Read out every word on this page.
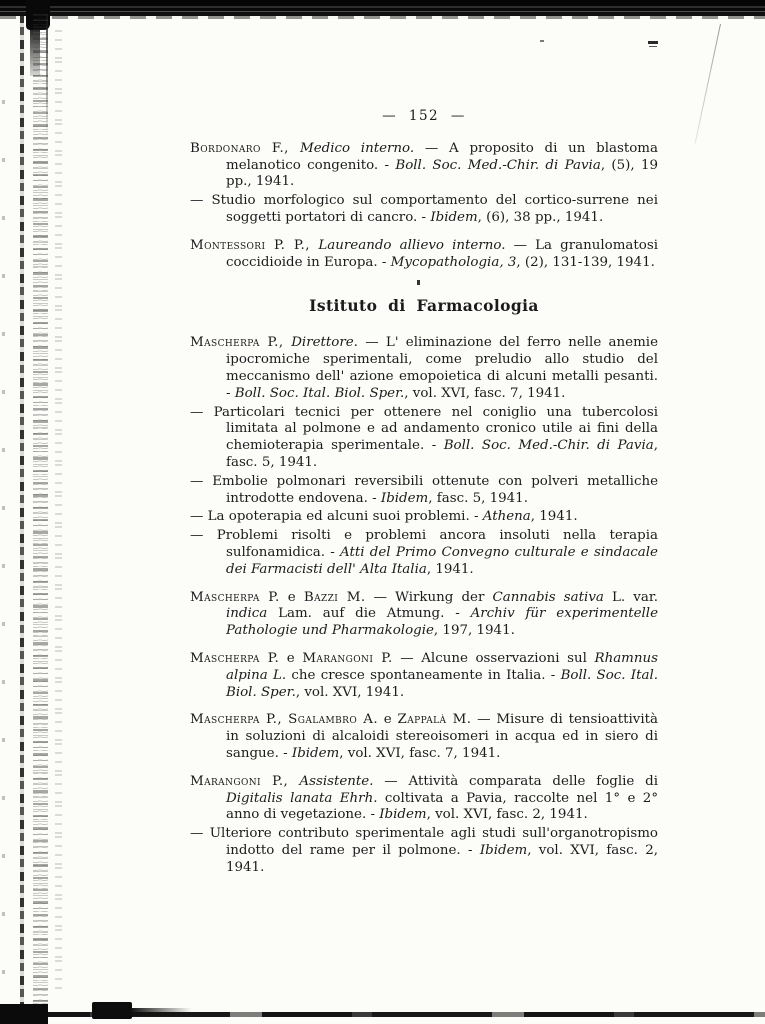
— 152 —

Bordonaro F., Medico interno. — A proposito di un blastoma melanotico congenito. - Boll. Soc. Med.-Chir. di Pavia, (5), 19 pp., 1941.

— Studio morfologico sul comportamento del cortico-surrene nei soggetti portatori di cancro. - Ibidem, (6), 38 pp., 1941.

Montessori P. P., Laureando allievo interno. — La granulomatosi coccidioide in Europa. - Mycopathologia, 3, (2), 131-139, 1941.

Istituto di Farmacologia

Mascherpa P., Direttore. — L' eliminazione del ferro nelle anemie ipocromiche sperimentali, come preludio allo studio del meccanismo dell' azione emopoietica di alcuni metalli pesanti. - Boll. Soc. Ital. Biol. Sper., vol. XVI, fasc. 7, 1941.

— Particolari tecnici per ottenere nel coniglio una tubercolosi limitata al polmone e ad andamento cronico utile ai fini della chemioterapia sperimentale. - Boll. Soc. Med.-Chir. di Pavia, fasc. 5, 1941.

— Embolie polmonari reversibili ottenute con polveri metalliche introdotte endovena. - Ibidem, fasc. 5, 1941.

— La opoterapia ed alcuni suoi problemi. - Athena, 1941.

— Problemi risolti e problemi ancora insoluti nella terapia sulfonamidica. - Atti del Primo Convegno culturale e sindacale dei Farmacisti dell' Alta Italia, 1941.

Mascherpa P. e Bazzi M. — Wirkung der Cannabis sativa L. var. indica Lam. auf die Atmung. - Archiv für experimentelle Pathologie und Pharmakologie, 197, 1941.

Mascherpa P. e Marangoni P. — Alcune osservazioni sul Rhamnus alpina L. che cresce spontaneamente in Italia. - Boll. Soc. Ital. Biol. Sper., vol. XVI, 1941.

Mascherpa P., Sgalambro A. e Zappalà M. — Misure di tensioattività in soluzioni di alcaloidi stereoisomeri in acqua ed in siero di sangue. - Ibidem, vol. XVI, fasc. 7, 1941.

Marangoni P., Assistente. — Attività comparata delle foglie di Digitalis lanata Ehrh. coltivata a Pavia, raccolte nel 1° e 2° anno di vegetazione. - Ibidem, vol. XVI, fasc. 2, 1941.

— Ulteriore contributo sperimentale agli studi sull'organotropismo indotto del rame per il polmone. - Ibidem, vol. XVI, fasc. 2, 1941.
